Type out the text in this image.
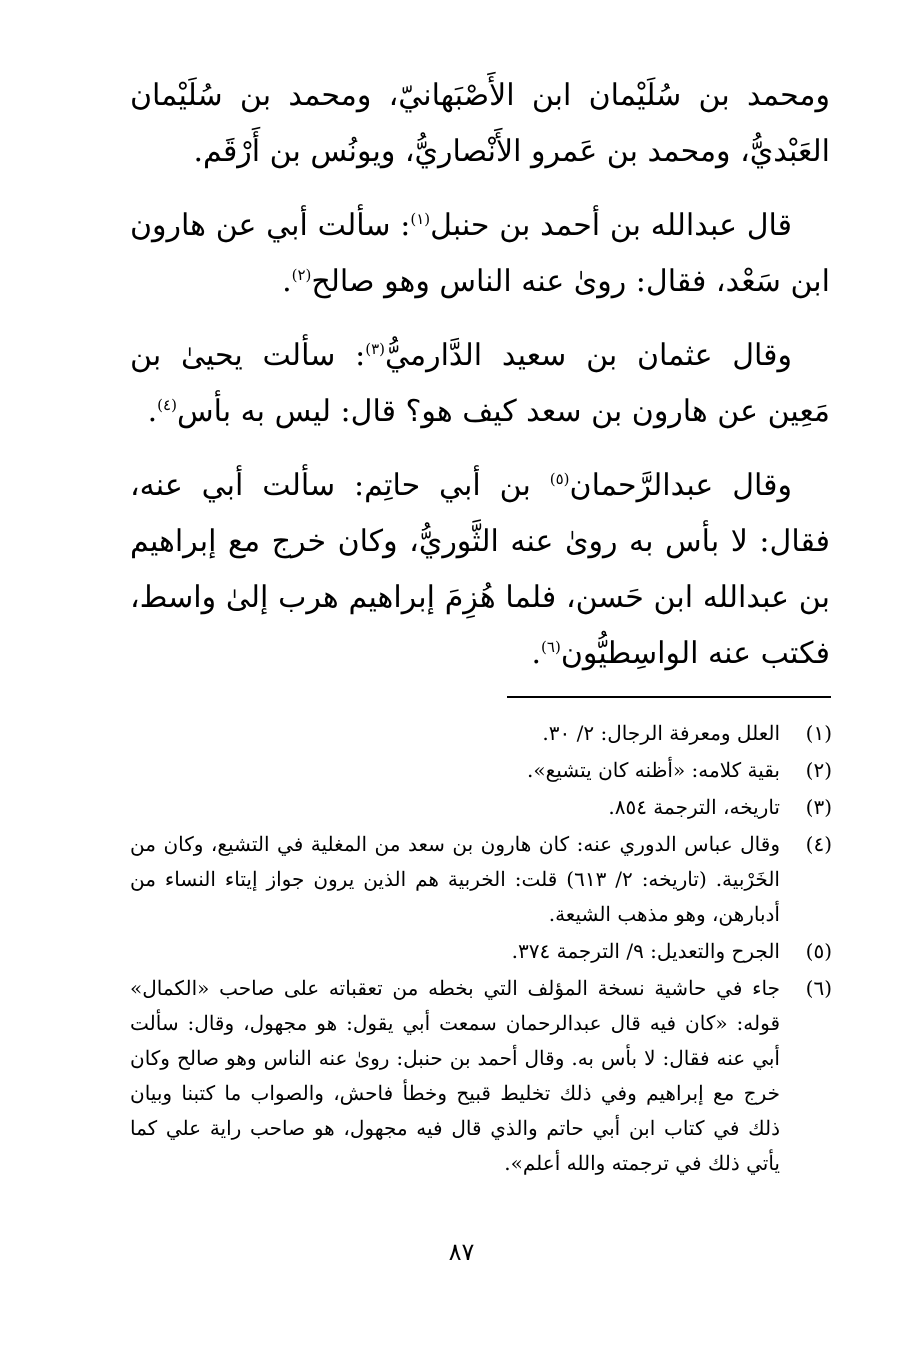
ومحمد بن سُلَيْمان ابن الأَصْبَهانيّ، ومحمد بن سُلَيْمان العَبْديُّ، ومحمد بن عَمرو الأَنْصاريُّ، ويونُس بن أَرْقَم.

قال عبدالله بن أحمد بن حنبل$^{(١)}$: سألت أبي عن هارون ابن سَعْد، فقال: روىٰ عنه الناس وهو صالح$^{(٢)}$.

وقال عثمان بن سعيد الدَّارميُّ$^{(٣)}$: سألت يحيىٰ بن مَعِين عن هارون بن سعد كيف هو؟ قال: ليس به بأس$^{(٤)}$.

وقال عبدالرَّحمان$^{(٥)}$ بن أبي حاتِم: سألت أبي عنه، فقال: لا بأس به روىٰ عنه الثَّوريُّ، وكان خرج مع إبراهيم بن عبدالله ابن حَسن، فلما هُزِمَ إبراهيم هرب إلىٰ واسط، فكتب عنه الواسِطيُّون$^{(٦)}$.

(١)
العلل ومعرفة الرجال: ٢/ ٣٠.
(٢)
بقية كلامه: «أظنه كان يتشيع».
(٣)
تاريخه، الترجمة ٨٥٤.
(٤)
وقال عباس الدوري عنه: كان هارون بن سعد من المغلية في التشيع، وكان من الخَرْبية. (تاريخه: ٢/ ٦١٣) قلت: الخربية هم الذين يرون جواز إيتاء النساء من أدبارهن، وهو مذهب الشيعة.
(٥)
الجرح والتعديل: ٩/ الترجمة ٣٧٤.
(٦)
جاء في حاشية نسخة المؤلف التي بخطه من تعقباته على صاحب «الكمال» قوله: «كان فيه قال عبدالرحمان سمعت أبي يقول: هو مجهول، وقال: سألت أبي عنه فقال: لا بأس به. وقال أحمد بن حنبل: روىٰ عنه الناس وهو صالح وكان خرج مع إبراهيم وفي ذلك تخليط قبيح وخطأ فاحش، والصواب ما كتبنا وبيان ذلك في كتاب ابن أبي حاتم والذي قال فيه مجهول، هو صاحب راية علي كما يأتي ذلك في ترجمته والله أعلم».
٨٧
